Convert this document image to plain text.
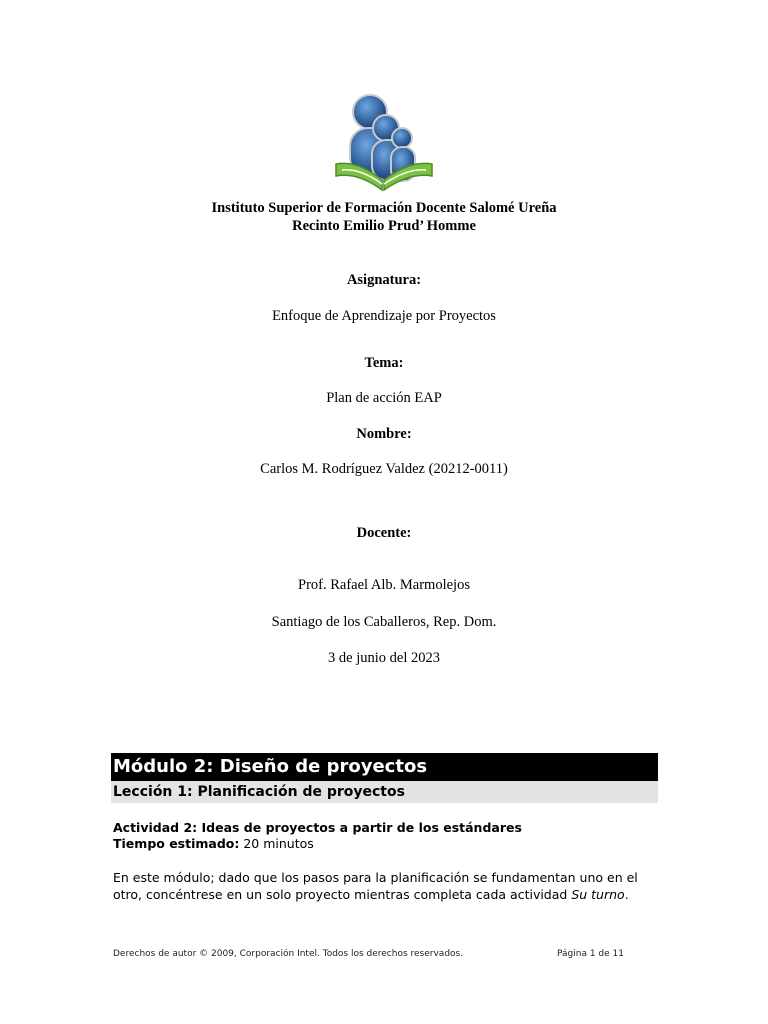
Instituto Superior de Formación Docente Salomé Ureña
Recinto Emilio Prud’ Homme
Asignatura:
Enfoque de Aprendizaje por Proyectos
Tema:
Plan de acción EAP
Nombre:
Carlos M. Rodríguez Valdez (20212-0011)
Docente:
Prof. Rafael Alb. Marmolejos
Santiago de los Caballeros, Rep. Dom.
3 de junio del 2023
Módulo 2: Diseño de proyectos
Lección 1: Planificación de proyectos
Actividad 2: Ideas de proyectos a partir de los estándares
Tiempo estimado: 20 minutos
En este módulo; dado que los pasos para la planificación se fundamentan uno en el
otro, concéntrese en un solo proyecto mientras completa cada actividad Su turno.
Derechos de autor © 2009, Corporación Intel. Todos los derechos reservados.	Página 1 de 11
